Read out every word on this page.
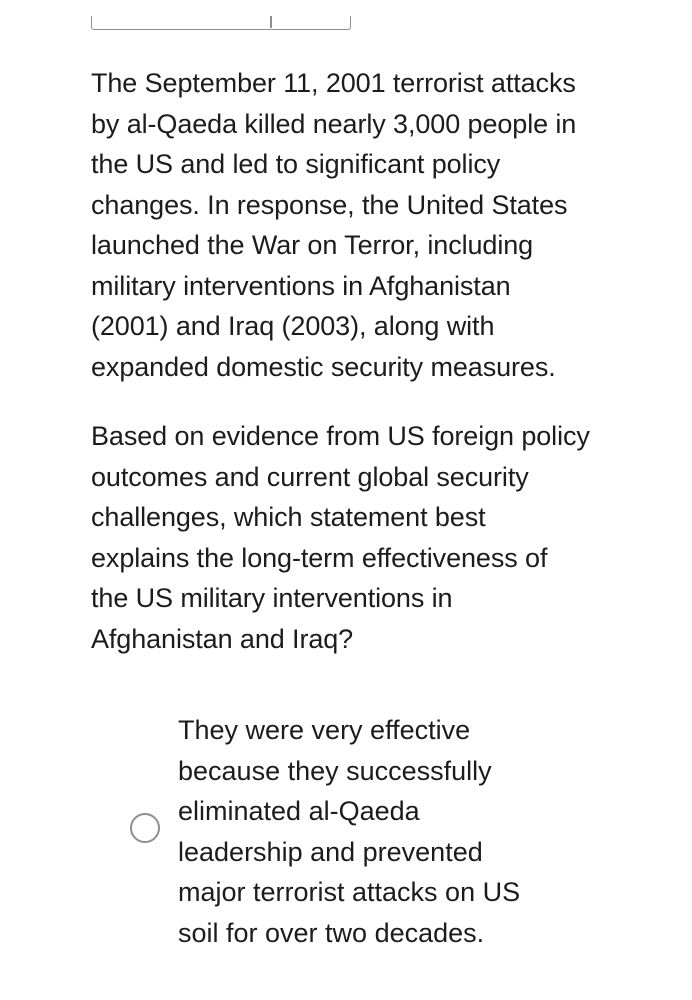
The September 11, 2001 terrorist attacks
by al-Qaeda killed nearly 3,000 people in
the US and led to significant policy
changes. In response, the United States
launched the War on Terror, including
military interventions in Afghanistan
(2001) and Iraq (2003), along with
expanded domestic security measures.

Based on evidence from US foreign policy
outcomes and current global security
challenges, which statement best
explains the long-term effectiveness of
the US military interventions in
Afghanistan and Iraq?

They were very effective
because they successfully
eliminated al-Qaeda
leadership and prevented
major terrorist attacks on US
soil for over two decades.
